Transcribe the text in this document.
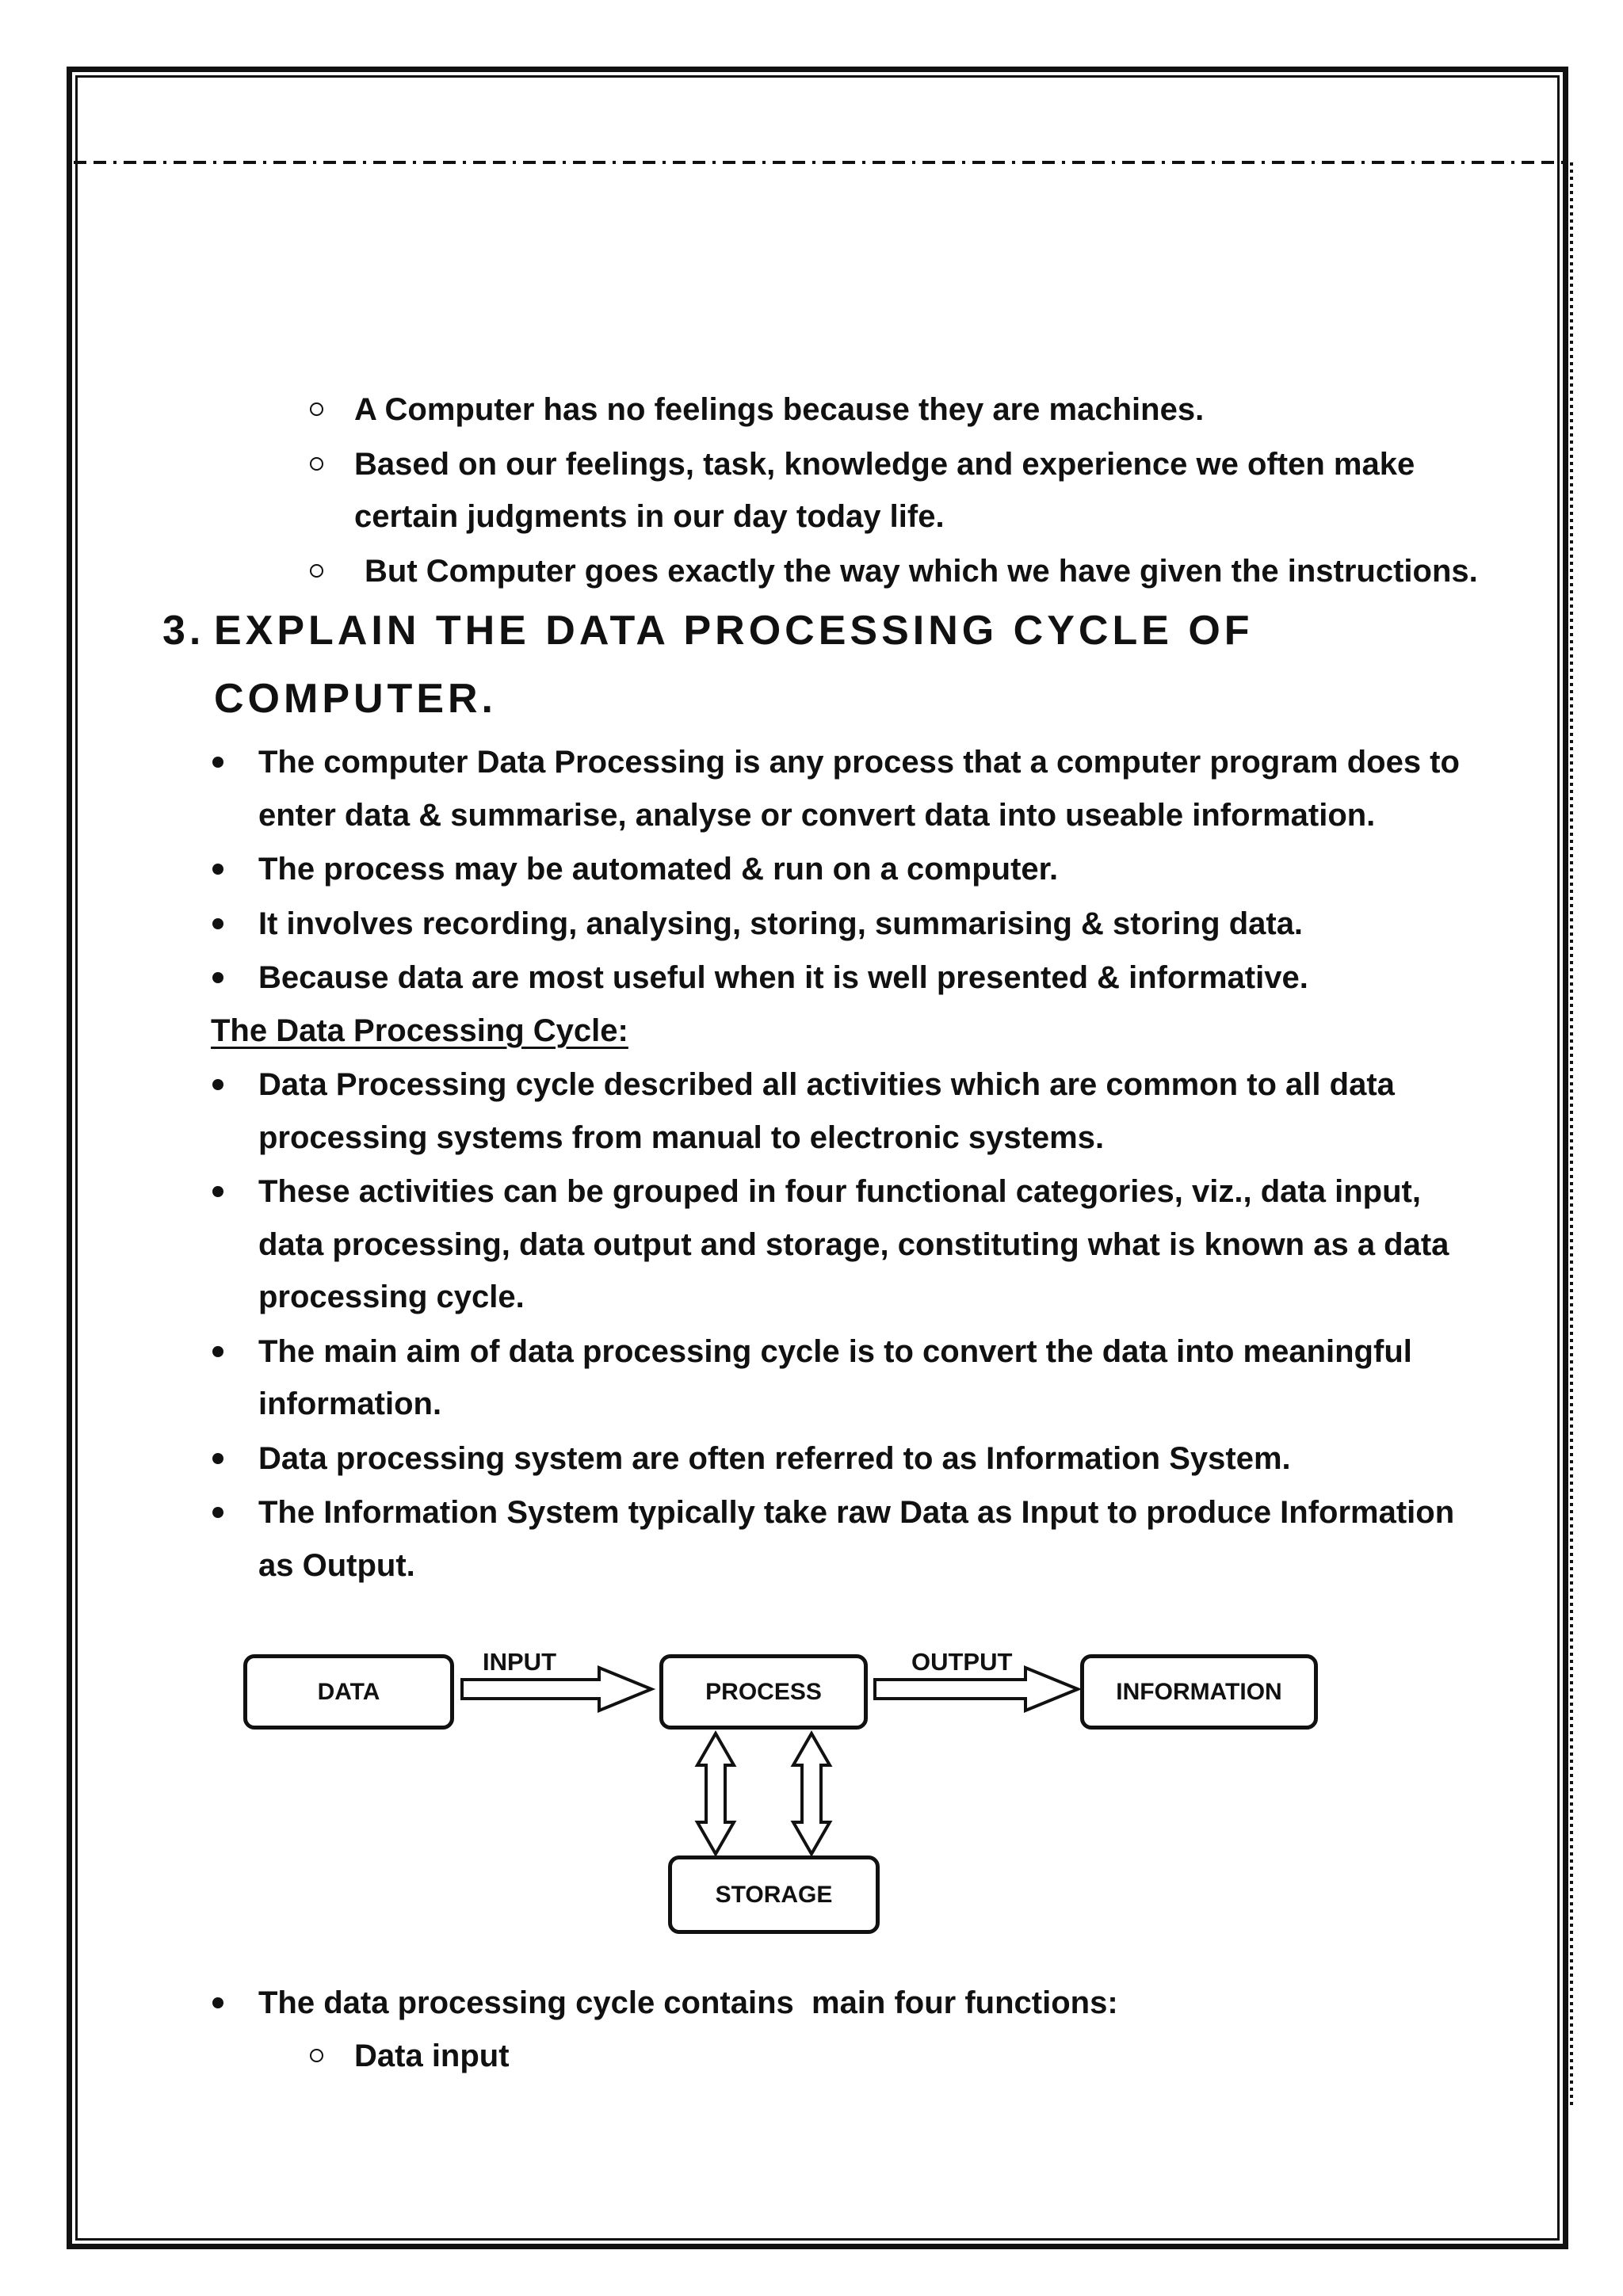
A Computer has no feelings because they are machines.
Based on our feelings, task, knowledge and experience we often make
certain judgments in our day today life.
But Computer goes exactly the way which we have given the instructions.
3. EXPLAIN THE DATA PROCESSING CYCLE OF
COMPUTER.
The computer Data Processing is any process that a computer program does to
enter data & summarise, analyse or convert data into useable information.
The process may be automated & run on a computer.
It involves recording, analysing, storing, summarising & storing data.
Because data are most useful when it is well presented & informative.
The Data Processing Cycle:
Data Processing cycle described all activities which are common to all data
processing systems from manual to electronic systems.
These activities can be grouped in four functional categories, viz., data input,
data processing, data output and storage, constituting what is known as a data
processing cycle.
The main aim of data processing cycle is to convert the data into meaningful
information.
Data processing system are often referred to as Information System.
The Information System typically take raw Data as Input to produce Information
as Output.
DATA	PROCESS	INFORMATION
STORAGE
INPUT	OUTPUT
The data processing cycle contains  main four functions:
Data input
